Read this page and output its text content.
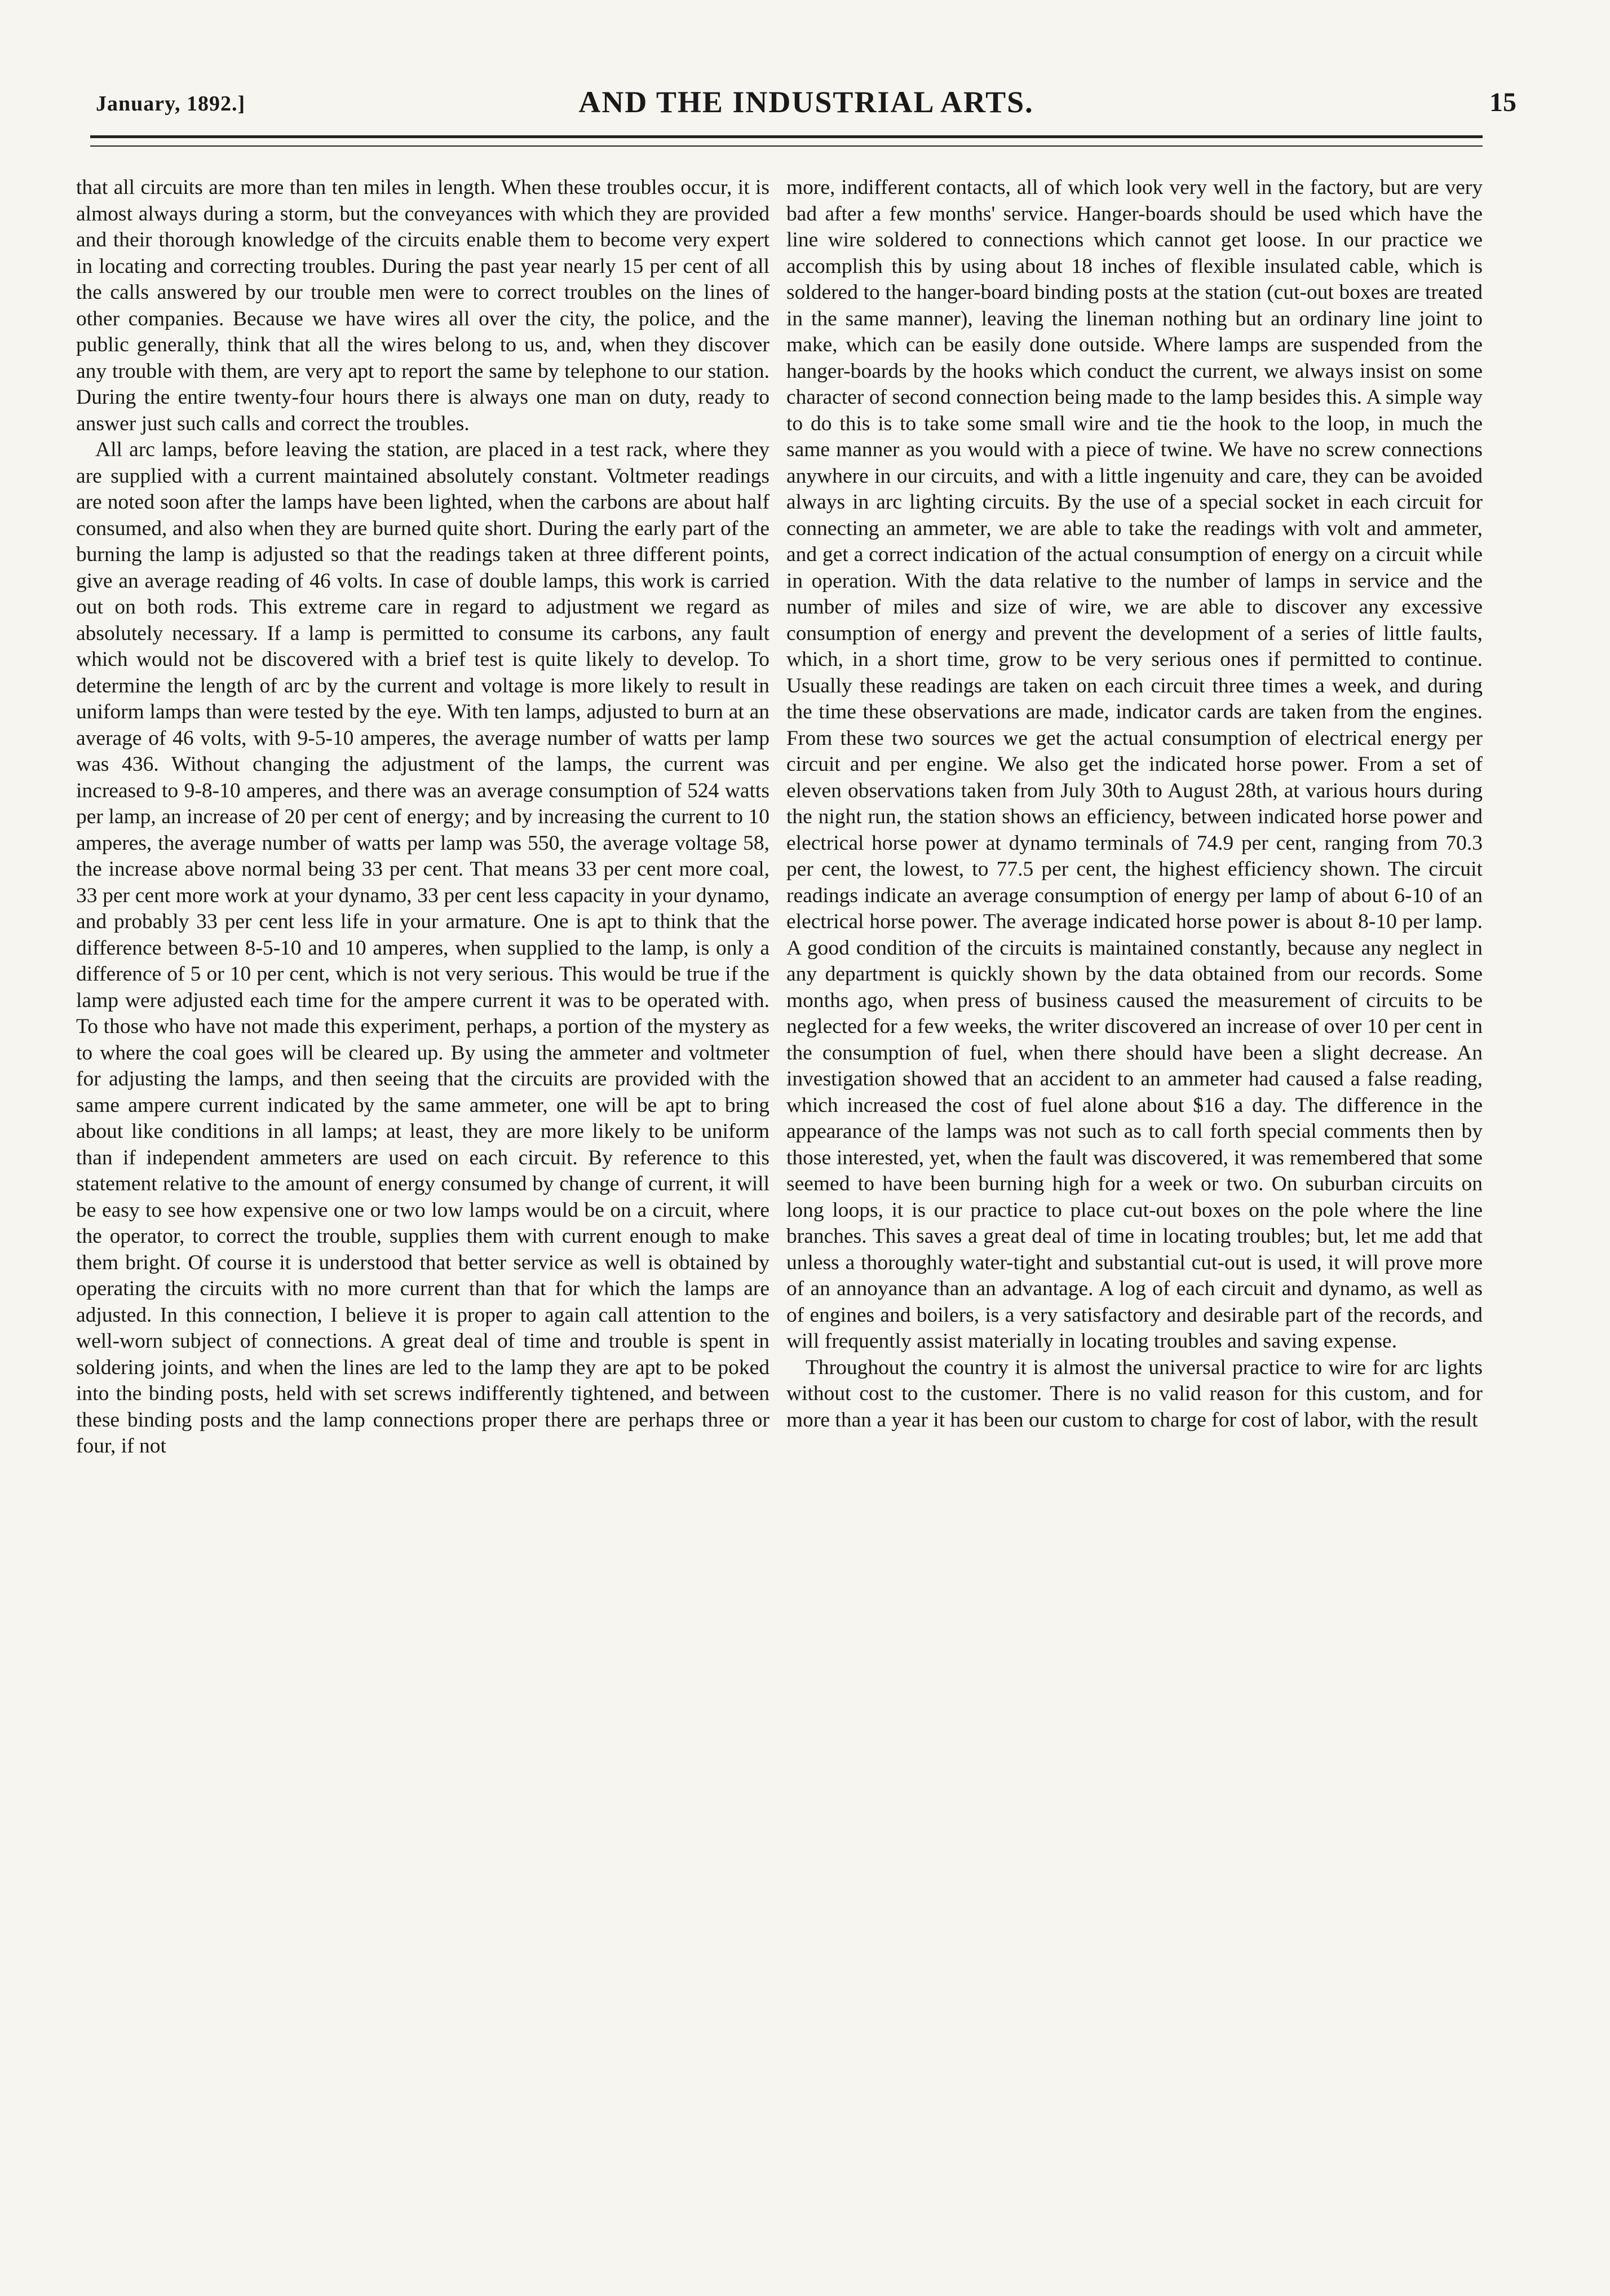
January, 1892.]	AND THE INDUSTRIAL ARTS.	15

that all circuits are more than ten miles in length. When these troubles occur, it is almost always during a storm, but the conveyances with which they are provided and their thorough knowledge of the circuits enable them to become very expert in locating and correcting troubles. During the past year nearly 15 per cent of all the calls answered by our trouble men were to correct troubles on the lines of other companies. Because we have wires all over the city, the police, and the public generally, think that all the wires belong to us, and, when they discover any trouble with them, are very apt to report the same by telephone to our station. During the entire twenty-four hours there is always one man on duty, ready to answer just such calls and correct the troubles.

All arc lamps, before leaving the station, are placed in a test rack, where they are supplied with a current maintained absolutely constant. Voltmeter readings are noted soon after the lamps have been lighted, when the carbons are about half consumed, and also when they are burned quite short. During the early part of the burning the lamp is adjusted so that the readings taken at three different points, give an average reading of 46 volts. In case of double lamps, this work is carried out on both rods. This extreme care in regard to adjustment we regard as absolutely necessary. If a lamp is permitted to consume its carbons, any fault which would not be discovered with a brief test is quite likely to develop. To determine the length of arc by the current and voltage is more likely to result in uniform lamps than were tested by the eye. With ten lamps, adjusted to burn at an average of 46 volts, with 9-5-10 amperes, the average number of watts per lamp was 436. Without changing the adjustment of the lamps, the current was increased to 9-8-10 amperes, and there was an average consumption of 524 watts per lamp, an increase of 20 per cent of energy; and by increasing the current to 10 amperes, the average number of watts per lamp was 550, the average voltage 58, the increase above normal being 33 per cent. That means 33 per cent more coal, 33 per cent more work at your dynamo, 33 per cent less capacity in your dynamo, and probably 33 per cent less life in your armature. One is apt to think that the difference between 8-5-10 and 10 amperes, when supplied to the lamp, is only a difference of 5 or 10 per cent, which is not very serious. This would be true if the lamp were adjusted each time for the ampere current it was to be operated with. To those who have not made this experiment, perhaps, a portion of the mystery as to where the coal goes will be cleared up. By using the ammeter and voltmeter for adjusting the lamps, and then seeing that the circuits are provided with the same ampere current indicated by the same ammeter, one will be apt to bring about like conditions in all lamps; at least, they are more likely to be uniform than if independent ammeters are used on each circuit. By reference to this statement relative to the amount of energy consumed by change of current, it will be easy to see how expensive one or two low lamps would be on a circuit, where the operator, to correct the trouble, supplies them with current enough to make them bright. Of course it is understood that better service as well is obtained by operating the circuits with no more current than that for which the lamps are adjusted. In this connection, I believe it is proper to again call attention to the well-worn subject of connections. A great deal of time and trouble is spent in soldering joints, and when the lines are led to the lamp they are apt to be poked into the binding posts, held with set screws indifferently tightened, and between these binding posts and the lamp connections proper there are perhaps three or four, if not

more, indifferent contacts, all of which look very well in the factory, but are very bad after a few months' service. Hanger-boards should be used which have the line wire soldered to connections which cannot get loose. In our practice we accomplish this by using about 18 inches of flexible insulated cable, which is soldered to the hanger-board binding posts at the station (cut-out boxes are treated in the same manner), leaving the lineman nothing but an ordinary line joint to make, which can be easily done outside. Where lamps are suspended from the hanger-boards by the hooks which conduct the current, we always insist on some character of second connection being made to the lamp besides this. A simple way to do this is to take some small wire and tie the hook to the loop, in much the same manner as you would with a piece of twine. We have no screw connections anywhere in our circuits, and with a little ingenuity and care, they can be avoided always in arc lighting circuits. By the use of a special socket in each circuit for connecting an ammeter, we are able to take the readings with volt and ammeter, and get a correct indication of the actual consumption of energy on a circuit while in operation. With the data relative to the number of lamps in service and the number of miles and size of wire, we are able to discover any excessive consumption of energy and prevent the development of a series of little faults, which, in a short time, grow to be very serious ones if permitted to continue. Usually these readings are taken on each circuit three times a week, and during the time these observations are made, indicator cards are taken from the engines. From these two sources we get the actual consumption of electrical energy per circuit and per engine. We also get the indicated horse power. From a set of eleven observations taken from July 30th to August 28th, at various hours during the night run, the station shows an efficiency, between indicated horse power and electrical horse power at dynamo terminals of 74.9 per cent, ranging from 70.3 per cent, the lowest, to 77.5 per cent, the highest efficiency shown. The circuit readings indicate an average consumption of energy per lamp of about 6-10 of an electrical horse power. The average indicated horse power is about 8-10 per lamp. A good condition of the circuits is maintained constantly, because any neglect in any department is quickly shown by the data obtained from our records. Some months ago, when press of business caused the measurement of circuits to be neglected for a few weeks, the writer discovered an increase of over 10 per cent in the consumption of fuel, when there should have been a slight decrease. An investigation showed that an accident to an ammeter had caused a false reading, which increased the cost of fuel alone about $16 a day. The difference in the appearance of the lamps was not such as to call forth special comments then by those interested, yet, when the fault was discovered, it was remembered that some seemed to have been burning high for a week or two. On suburban circuits on long loops, it is our practice to place cut-out boxes on the pole where the line branches. This saves a great deal of time in locating troubles; but, let me add that unless a thoroughly water-tight and substantial cut-out is used, it will prove more of an annoyance than an advantage. A log of each circuit and dynamo, as well as of engines and boilers, is a very satisfactory and desirable part of the records, and will frequently assist materially in locating troubles and saving expense.

Throughout the country it is almost the universal practice to wire for arc lights without cost to the customer. There is no valid reason for this custom, and for more than a year it has been our custom to charge for cost of labor, with the result
